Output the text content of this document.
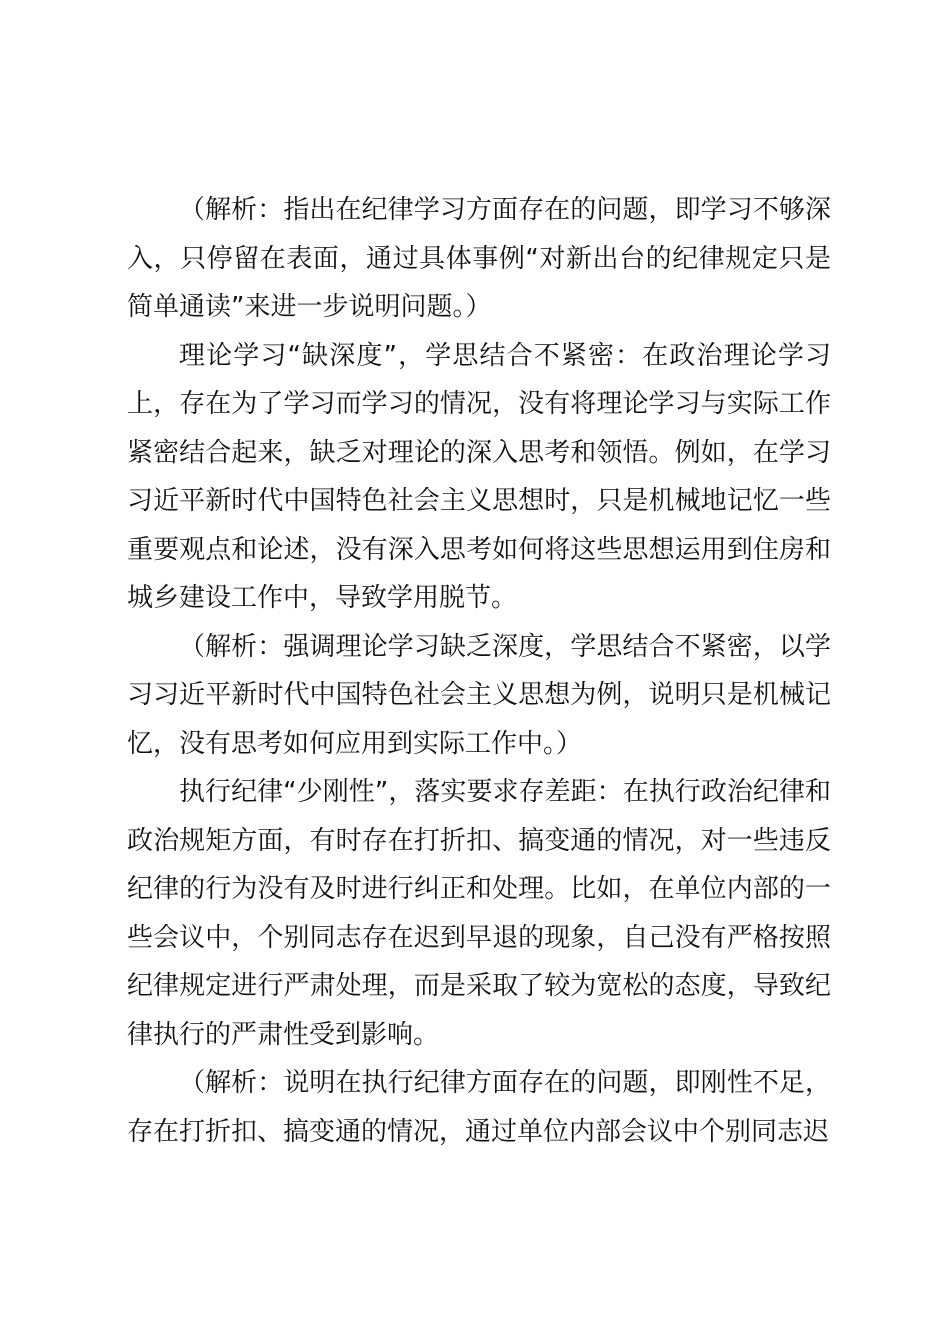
（解析：指出在纪律学习方面存在的问题，即学习不够深入，只停留在表面，通过具体事例“对新出台的纪律规定只是简单通读”来进一步说明问题。）

理论学习“缺深度”，学思结合不紧密：在政治理论学习上，存在为了学习而学习的情况，没有将理论学习与实际工作紧密结合起来，缺乏对理论的深入思考和领悟。例如，在学习习近平新时代中国特色社会主义思想时，只是机械地记忆一些重要观点和论述，没有深入思考如何将这些思想运用到住房和城乡建设工作中，导致学用脱节。

（解析：强调理论学习缺乏深度，学思结合不紧密，以学习习近平新时代中国特色社会主义思想为例，说明只是机械记忆，没有思考如何应用到实际工作中。）

执行纪律“少刚性”，落实要求存差距：在执行政治纪律和政治规矩方面，有时存在打折扣、搞变通的情况，对一些违反纪律的行为没有及时进行纠正和处理。比如，在单位内部的一些会议中，个别同志存在迟到早退的现象，自己没有严格按照纪律规定进行严肃处理，而是采取了较为宽松的态度，导致纪律执行的严肃性受到影响。

（解析：说明在执行纪律方面存在的问题，即刚性不足，存在打折扣、搞变通的情况，通过单位内部会议中个别同志迟
